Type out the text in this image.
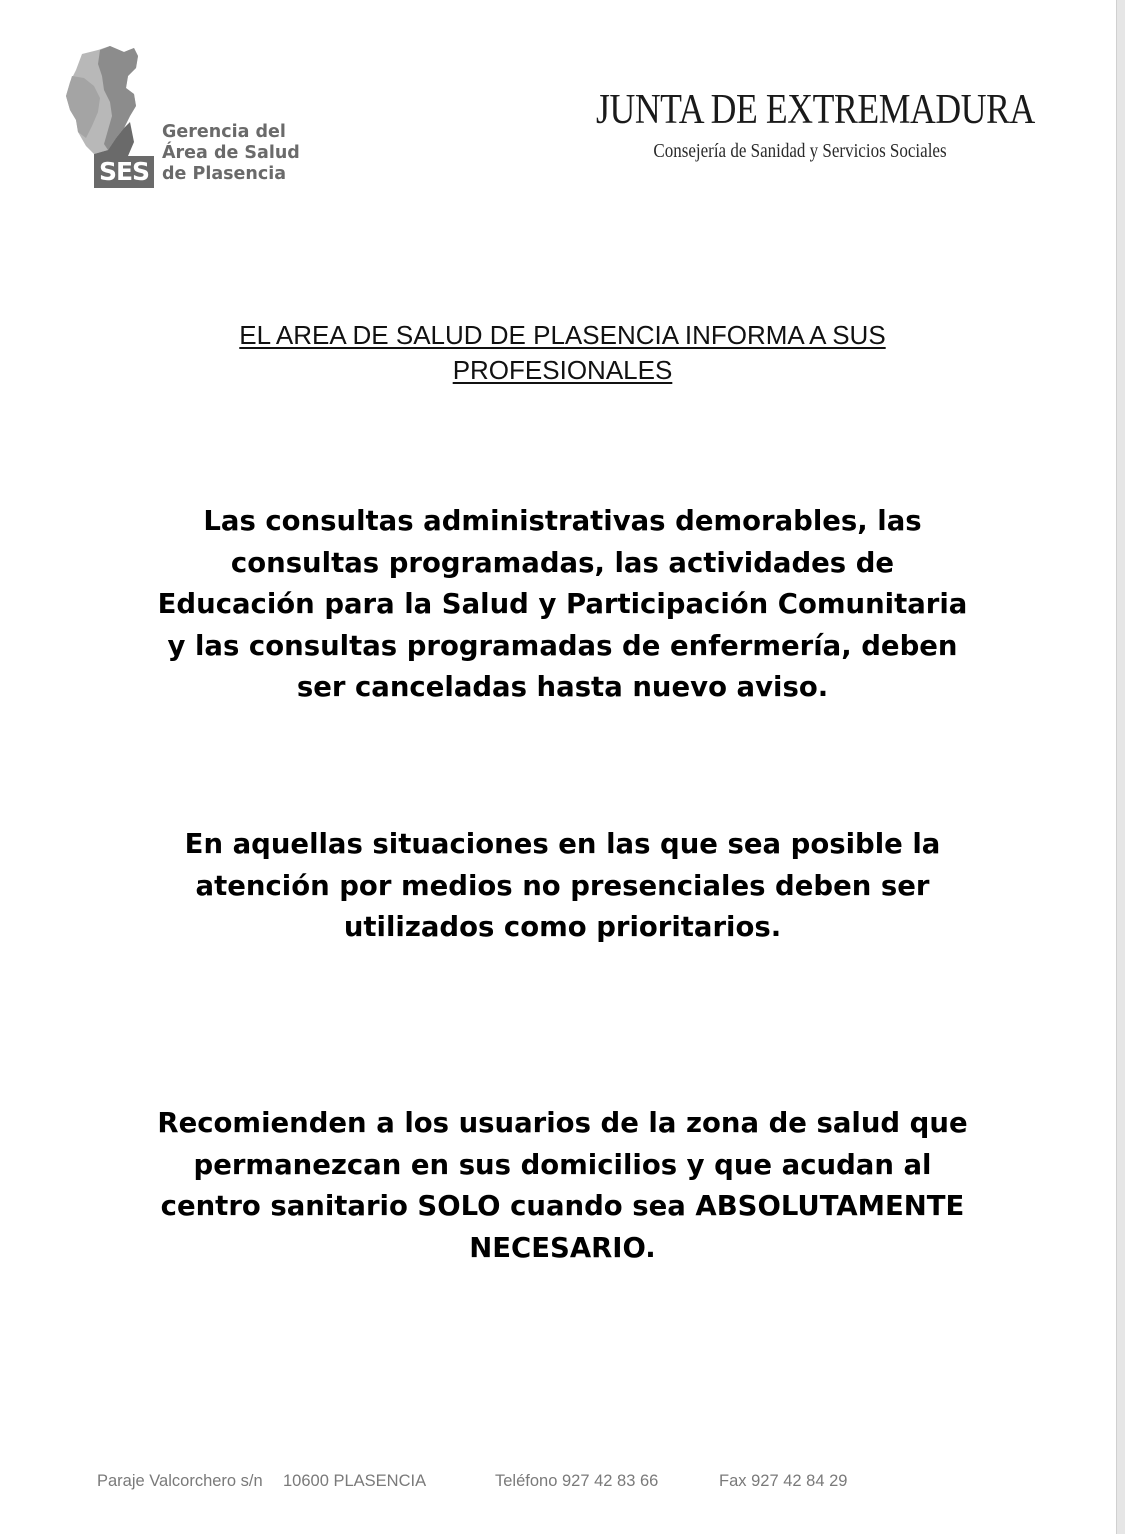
SES
Gerencia del
Área de Salud
de Plasencia
JUNTA DE EXTREMADURA
Consejería de Sanidad y Servicios Sociales
EL AREA DE SALUD DE PLASENCIA INFORMA A SUS PROFESIONALES
Las consultas administrativas demorables, las consultas programadas, las actividades de Educación para la Salud y Participación Comunitaria y las consultas programadas de enfermería, deben ser canceladas hasta nuevo aviso.
En aquellas situaciones en las que sea posible la atención por medios no presenciales deben ser utilizados como prioritarios.
Recomienden a los usuarios de la zona de salud que permanezcan en sus domicilios y que acudan al centro sanitario SOLO cuando sea ABSOLUTAMENTE NECESARIO.
Paraje Valcorchero s/n 10600 PLASENCIA	Teléfono 927 42 83 66	Fax 927 42 84 29
